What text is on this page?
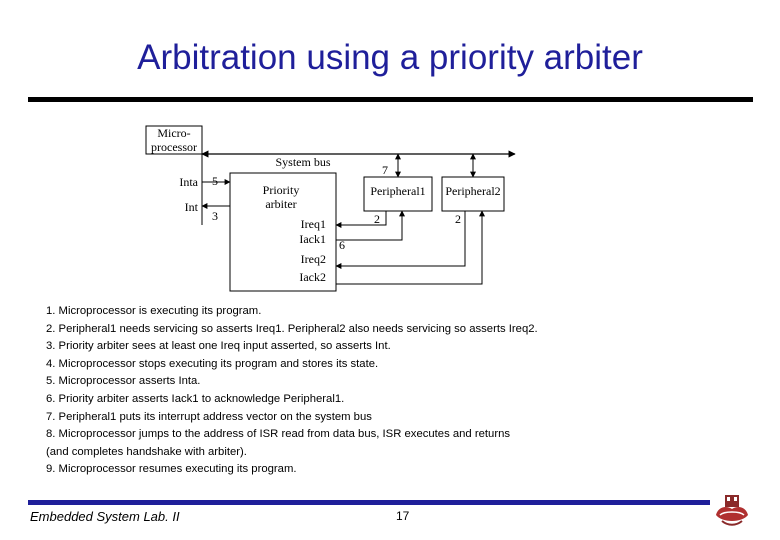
Arbitration using a priority arbiter
Micro-
processor
Inta
Int
System bus
Priority
arbiter
Ireq1
Iack1
Ireq2
Iack2
5
3
Peripheral1 Peripheral2
7
2
6
2
1. Microprocessor is executing its program.
2. Peripheral1 needs servicing so asserts Ireq1. Peripheral2 also needs servicing so asserts Ireq2.
3. Priority arbiter sees at least one Ireq input asserted, so asserts Int.
4. Microprocessor stops executing its program and stores its state.
5. Microprocessor asserts Inta.
6. Priority arbiter asserts Iack1 to acknowledge Peripheral1.
7. Peripheral1 puts its interrupt address vector on the system bus
8. Microprocessor jumps to the address of ISR read from data bus, ISR executes and returns
(and completes handshake with arbiter).
9. Microprocessor resumes executing its program.
Embedded System Lab. II	17
